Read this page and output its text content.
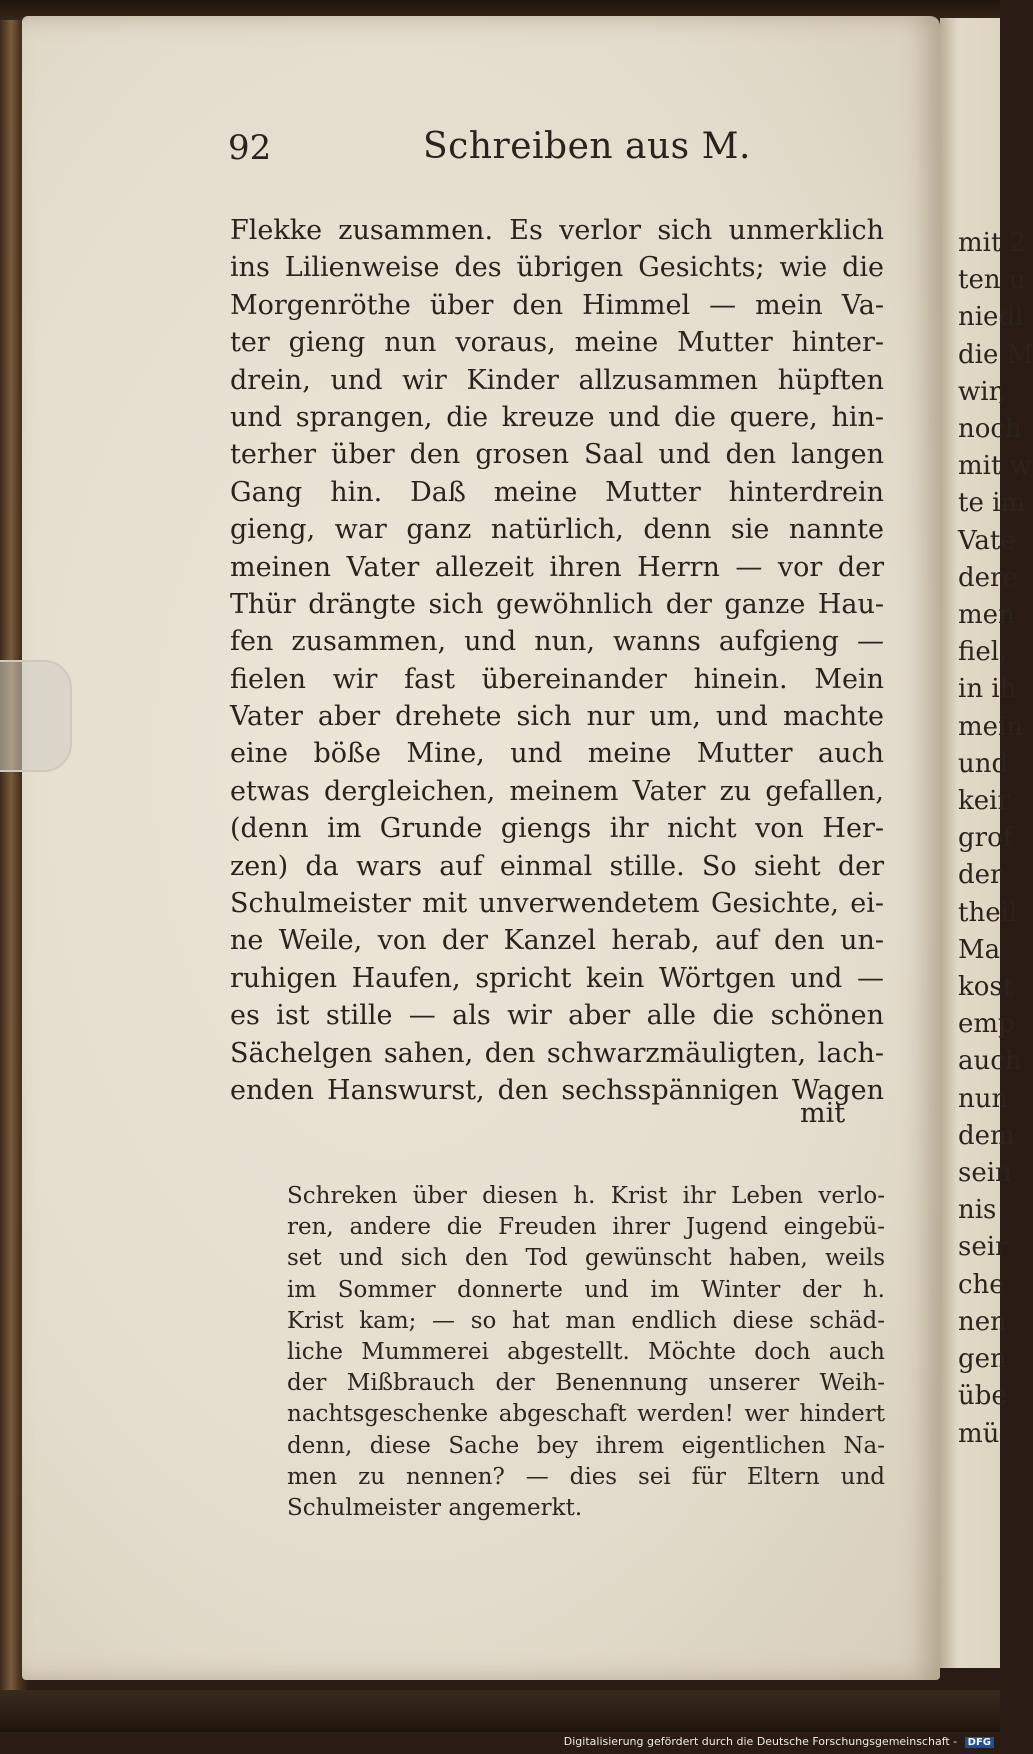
mit 2
ten u
niedl
die M
wir,
noch
mit w
te im
Vate
dere
men
fiel,
in ih
mein
und
keir
grof
der
theil
Ma
kost
emp
auch
nun
dem
sein
nis
seir
che
nen
gen
übe
mü
92	Schreiben aus M.
Flekke zusammen. Es verlor sich unmerklich
ins Lilienweise des übrigen Gesichts; wie die
Morgenröthe über den Himmel — mein Va-
ter gieng nun voraus, meine Mutter hinter-
drein, und wir Kinder allzusammen hüpften
und sprangen, die kreuze und die quere, hin-
terher über den grosen Saal und den langen
Gang hin. Daß meine Mutter hinterdrein
gieng, war ganz natürlich, denn sie nannte
meinen Vater allezeit ihren Herrn — vor der
Thür drängte sich gewöhnlich der ganze Hau-
fen zusammen, und nun, wanns aufgieng —
fielen wir fast übereinander hinein. Mein
Vater aber drehete sich nur um, und machte
eine böße Mine, und meine Mutter auch
etwas dergleichen, meinem Vater zu gefallen,
(denn im Grunde giengs ihr nicht von Her-
zen) da wars auf einmal stille. So sieht der
Schulmeister mit unverwendetem Gesichte, ei-
ne Weile, von der Kanzel herab, auf den un-
ruhigen Haufen, spricht kein Wörtgen und —
es ist stille — als wir aber alle die schönen
Sächelgen sahen, den schwarzmäuligten, lach-
enden Hanswurst, den sechsspännigen Wagen
mit
Schreken über diesen h. Krist ihr Leben verlo-
ren, andere die Freuden ihrer Jugend eingebü-
set und sich den Tod gewünscht haben, weils
im Sommer donnerte und im Winter der h.
Krist kam; — so hat man endlich diese schäd-
liche Mummerei abgestellt. Möchte doch auch
der Mißbrauch der Benennung unserer Weih-
nachtsgeschenke abgeschaft werden! wer hindert
denn, diese Sache bey ihrem eigentlichen Na-
men zu nennen? — dies sei für Eltern und
Schulmeister angemerkt.
Digitalisierung gefördert durch die Deutsche Forschungsgemeinschaft - DFG
